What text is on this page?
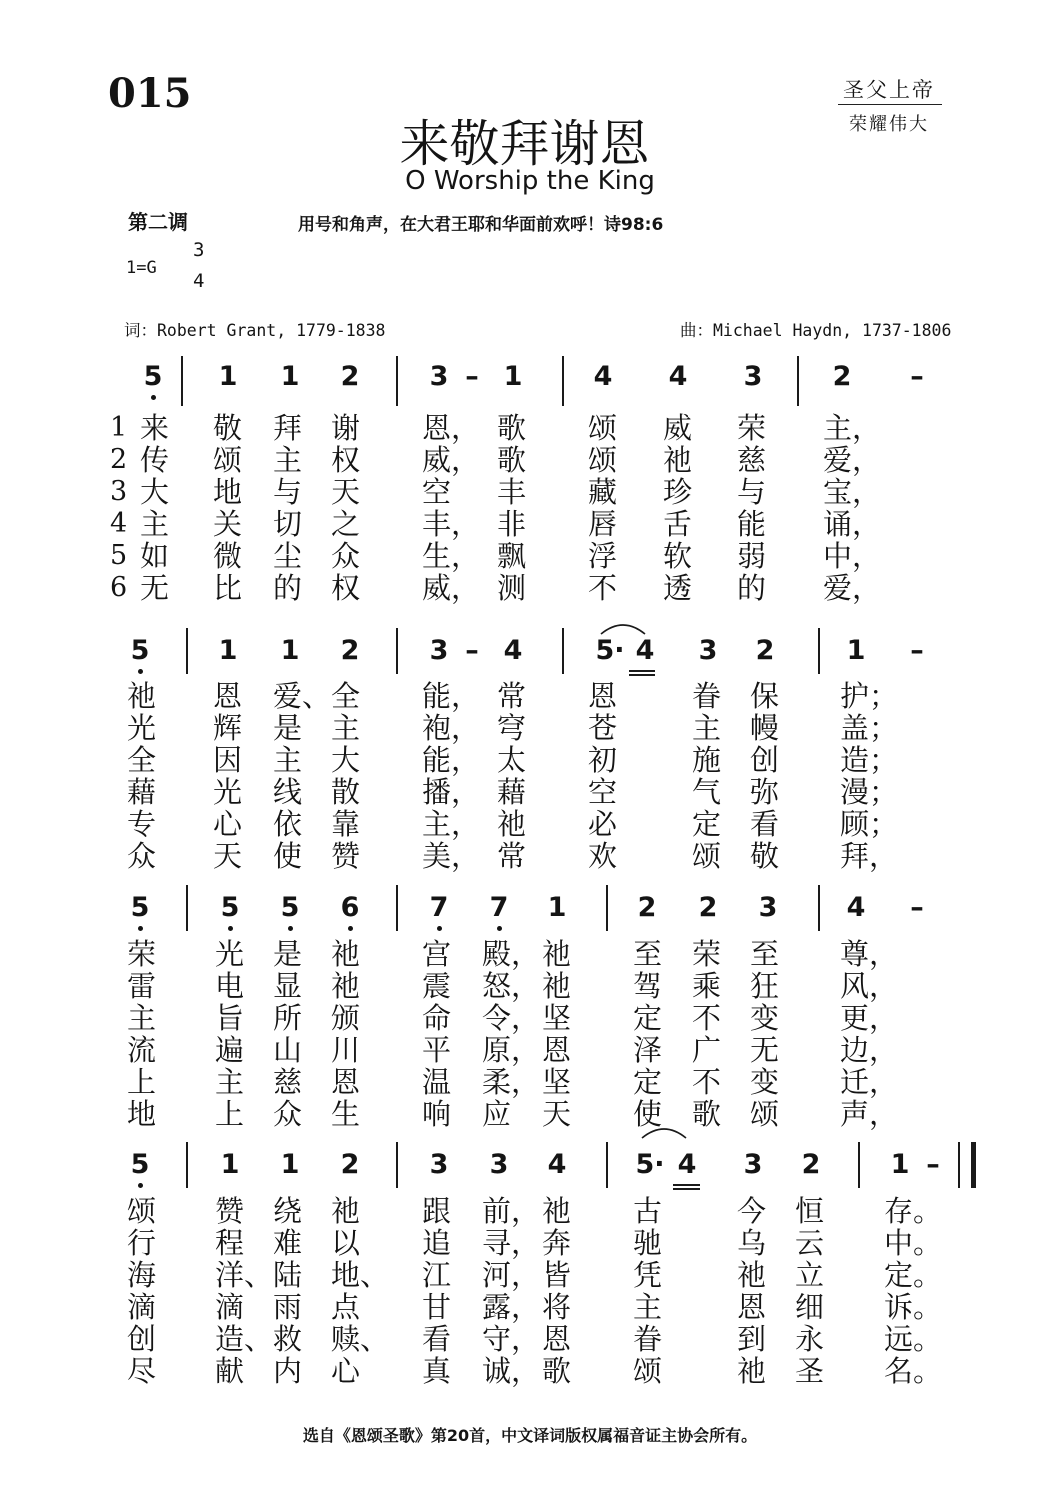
015	圣父上帝
荣耀伟大
来敬拜谢恩
O Worship the King
第二调	用号和角声，在大君王耶和华面前欢呼！诗98:6
1=G
3
4
词：Robert Grant, 1779-1838	曲：Michael Haydn, 1737-1806
选自《恩颂圣歌》第20首，中文译词版权属福音证主协会所有。
5	1	1	2	3 – 1	4	4	3	2	–
1
2
3
4
5
6
来 敬 拜 谢 恩， 歌 颂 威 荣 主，
传 颂 主 权 威， 歌 颂 祂 慈 爱，
大 地 与 天 空 丰 藏 珍 与 宝，
主 关 切 之 丰， 非 唇 舌 能 诵，
如 微 尘 众 生， 飘 浮 软 弱 中，
无 比 的 权 威， 测 不 透 的 爱，
5	1	1	2	3 – 4	5· 4	3	2	1	–
祂 恩 爱、 全 能， 常 恩	眷 保 护；
光 辉 是 主 袍， 穹 苍	主 幔 盖；
全 因 主 大 能， 太 初	施 创 造；
藉 光 线 散 播， 藉 空	气 弥 漫；
专 心 依 靠 主， 祂 必	定 看 顾；
众 天 使 赞 美， 常 欢	颂 敬 拜，
5	5	5	6	7	7	1	2	2	3	4	–
荣 光 是 祂 宫 殿， 祂 至 荣 至 尊，
雷 电 显 祂 震 怒， 祂 驾 乘 狂 风，
主 旨 所 颁 命 令， 坚 定 不 变 更，
流 遍 山 川 平 原， 恩 泽 广 无 边，
上 主 慈 恩 温 柔， 坚 定 不 变 迁，
地 上 众 生 响 应 天 使 歌 颂 声，
5	1	1	2	3	3	4	5· 4	3	2	1 –
颂 赞 绕 祂 跟 前， 祂 古	今 恒 存。
行 程 难 以 追 寻， 奔 驰	乌 云 中。
海 洋、 陆 地、 江 河， 皆 凭	祂 立 定。
滴 滴 雨 点 甘 露， 将 主	恩 细 诉。
创 造、 救 赎、 看 守， 恩 眷	到 永 远。
尽 献 内 心 真 诚， 歌 颂	祂 圣 名。
